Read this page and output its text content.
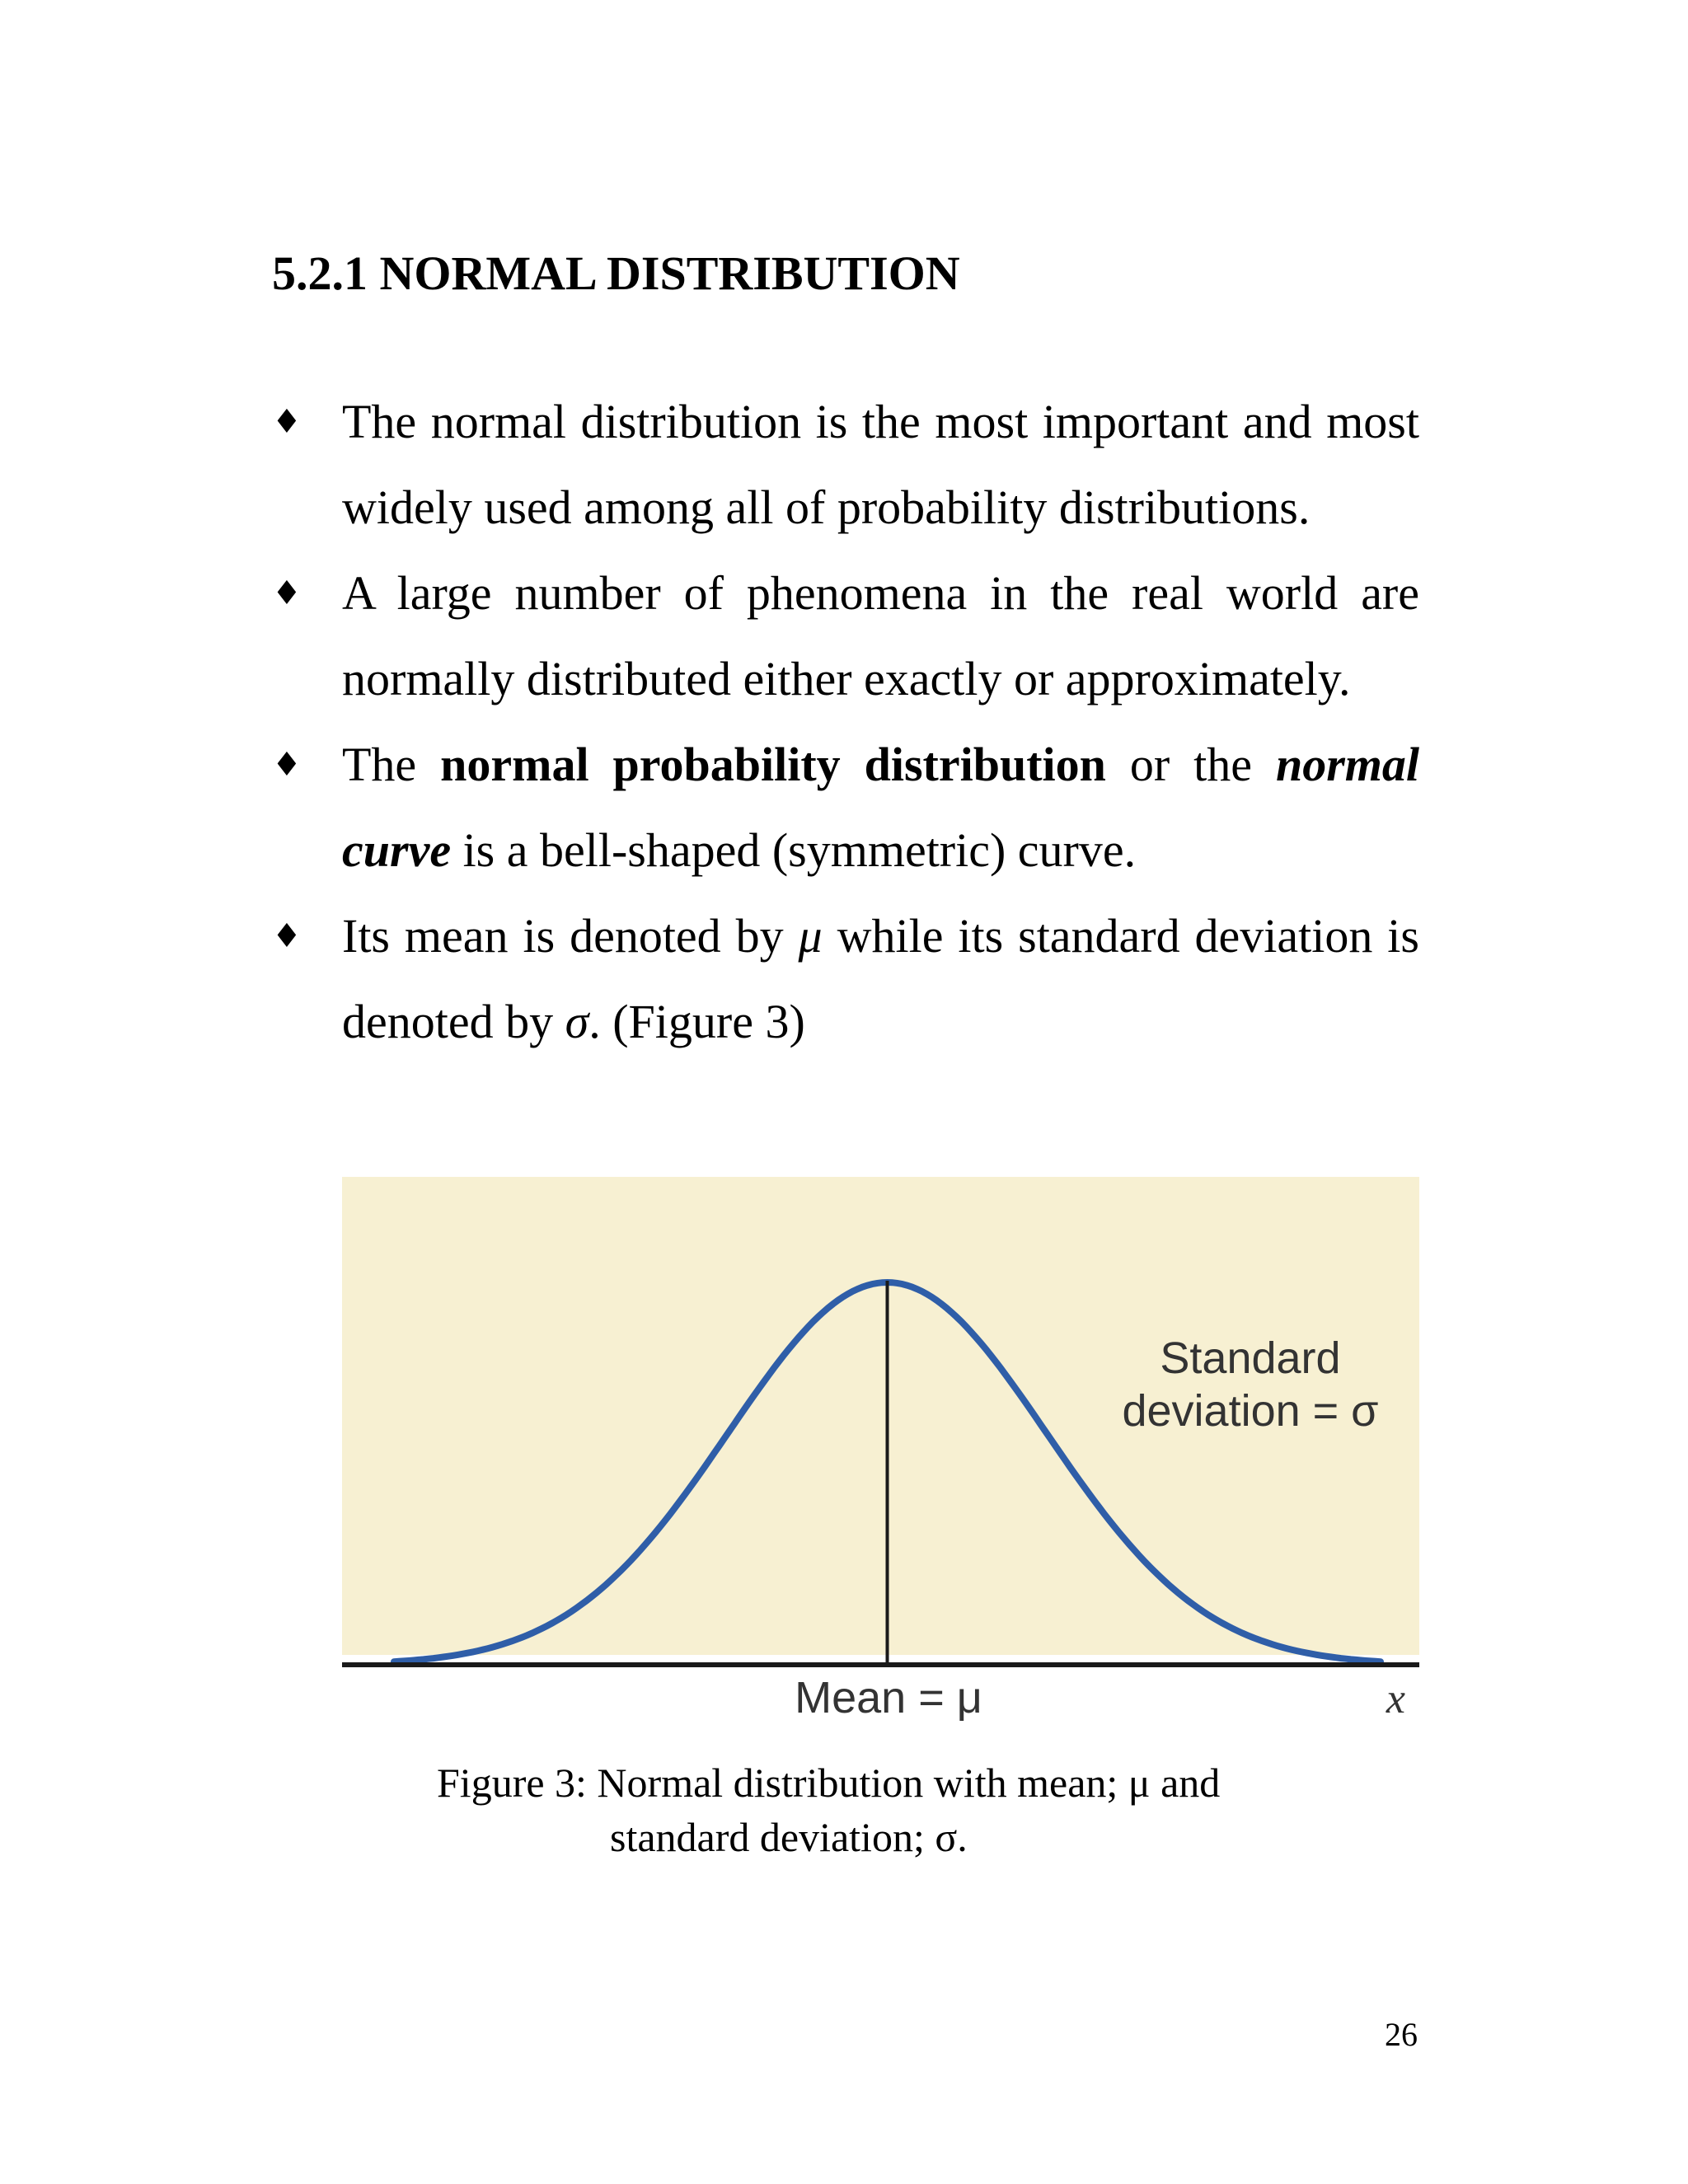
5.2.1 NORMAL DISTRIBUTION
♦ The normal distribution is the most important and most widely used among all of probability distributions.
♦ A large number of phenomena in the real world are normally distributed either exactly or approximately.
♦ The normal probability distribution or the normal curve is a bell-shaped (symmetric) curve.
♦ Its mean is denoted by μ while its standard deviation is denoted by σ. (Figure 3)
Standard
deviation = σ
Mean = μ	x
Figure 3: Normal distribution with mean; μ and
standard deviation; σ.
26
